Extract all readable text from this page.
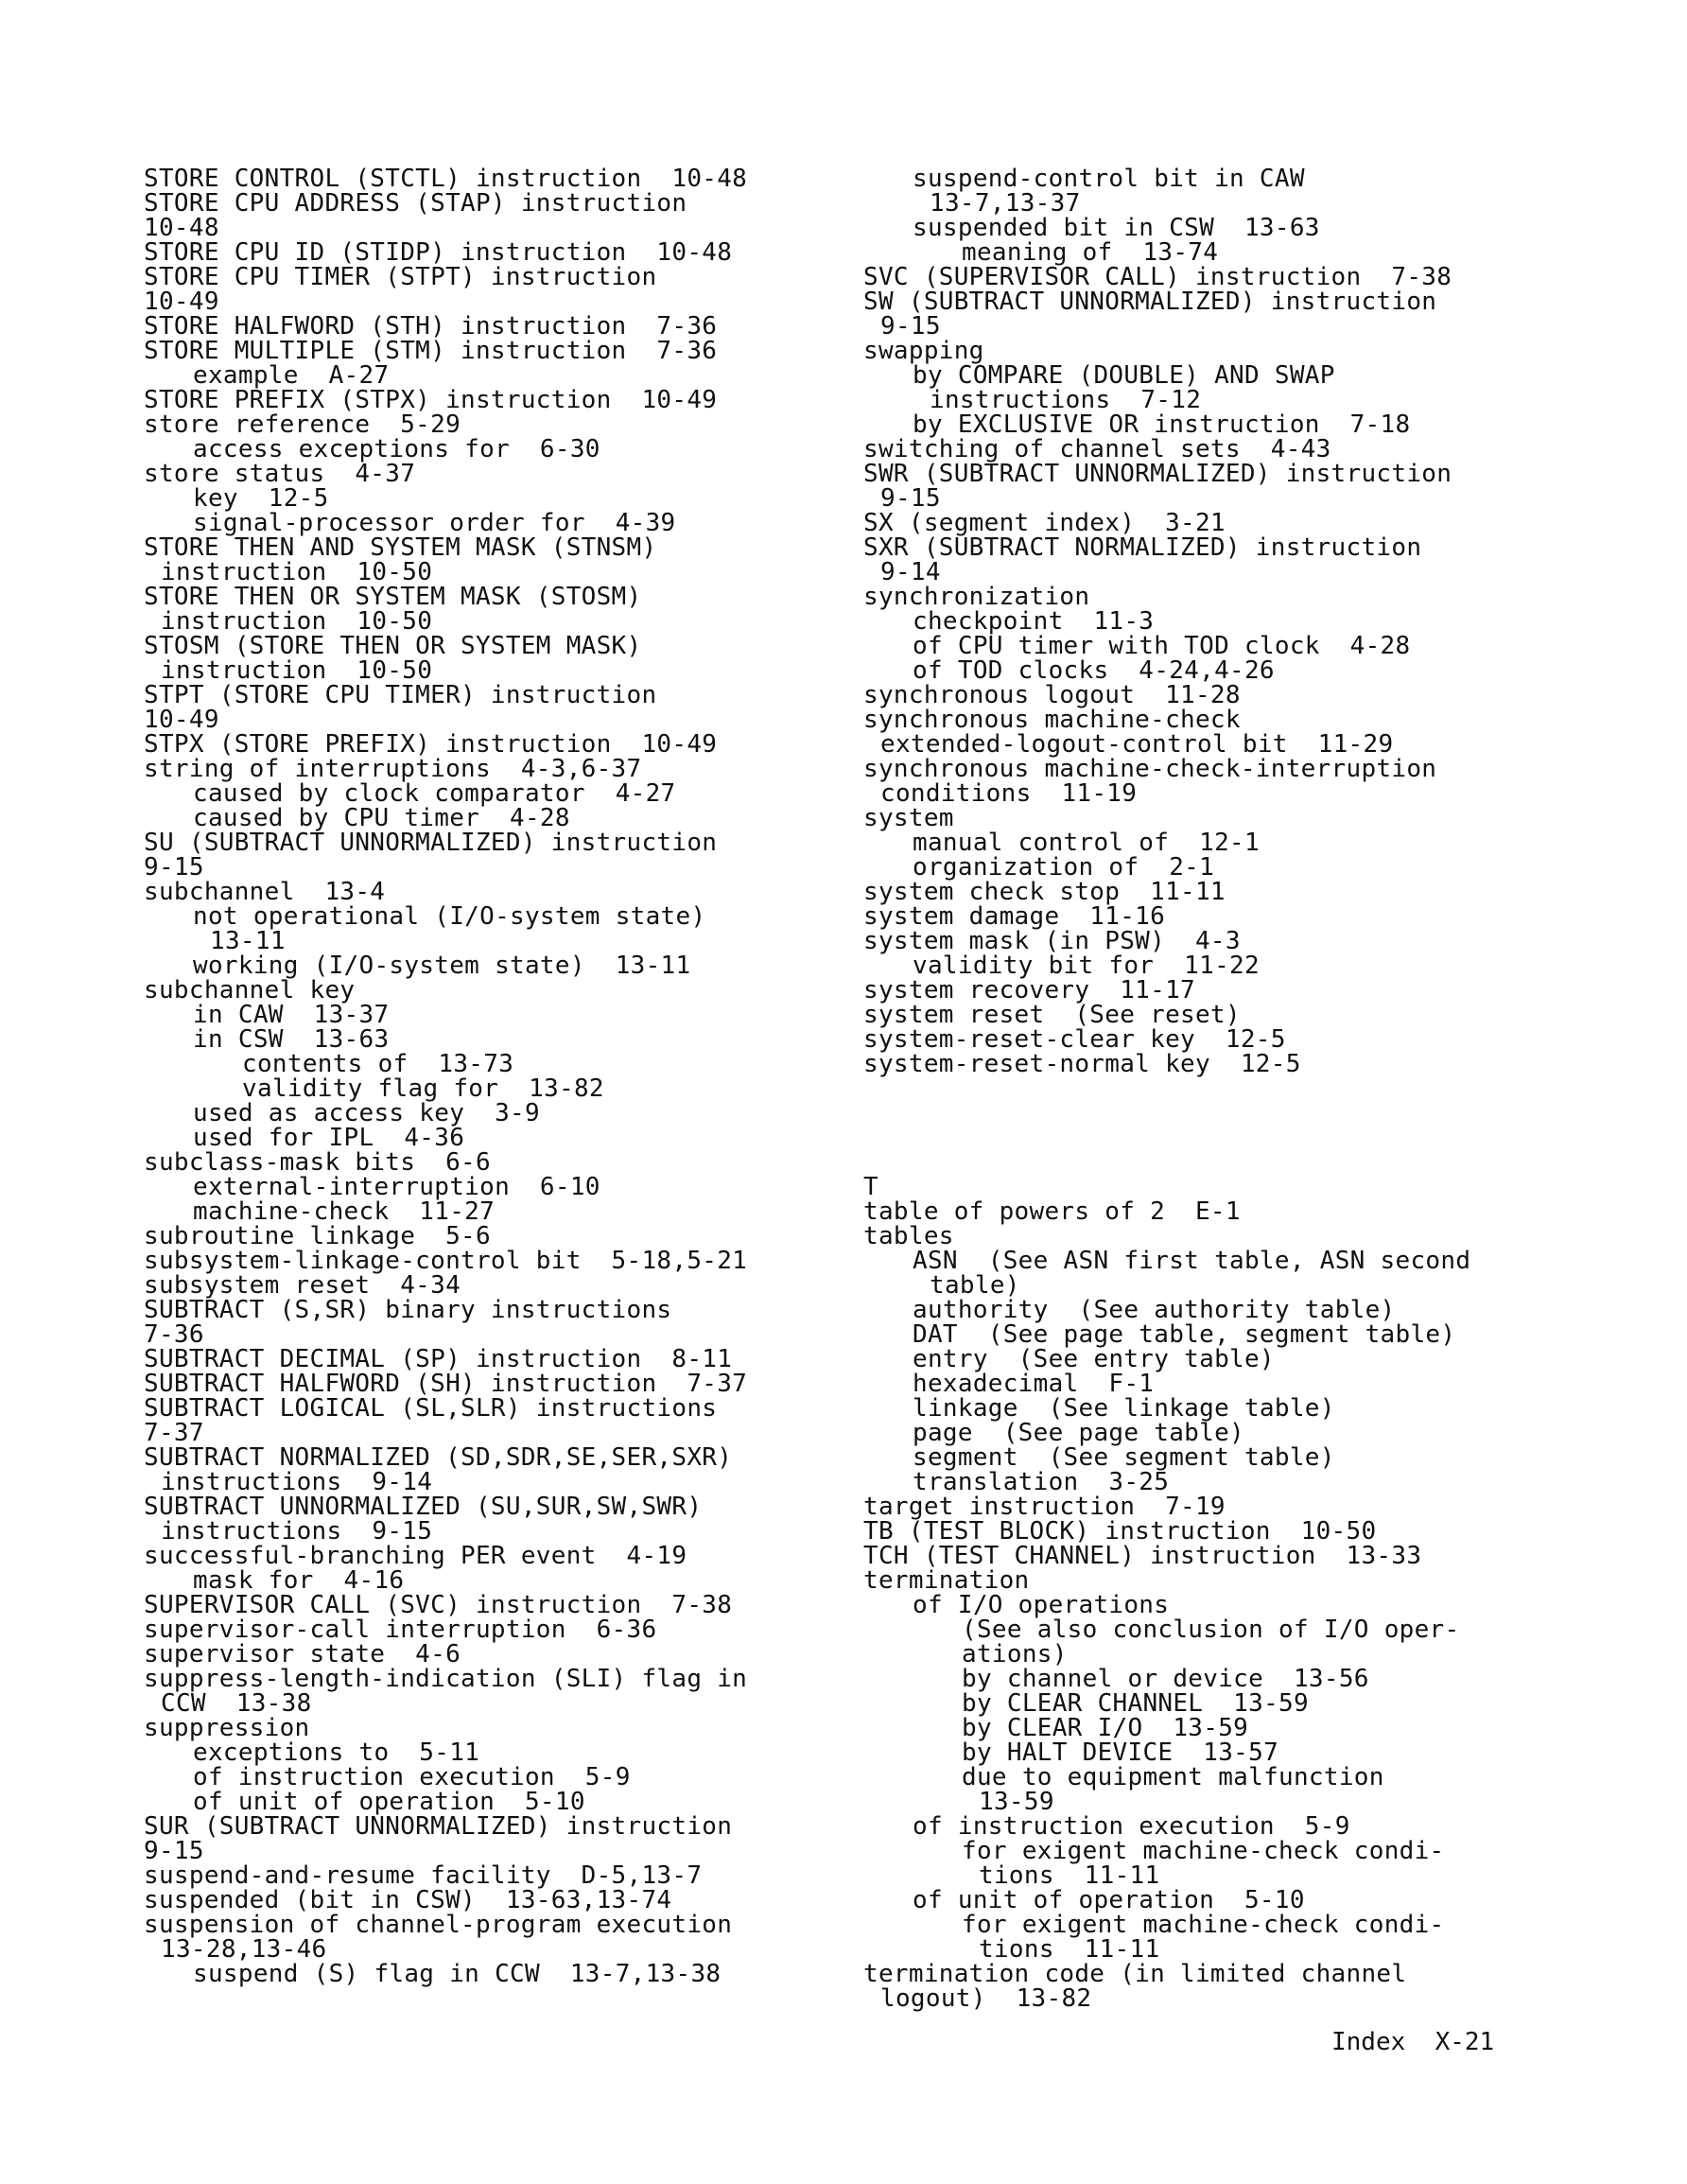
STORE CONTROL (STCTL) instruction  10-48
STORE CPU ADDRESS (STAP) instruction
10-48
STORE CPU ID (STIDP) instruction  10-48
STORE CPU TIMER (STPT) instruction
10-49
STORE HALFWORD (STH) instruction  7-36
STORE MULTIPLE (STM) instruction  7-36
example  A-27
STORE PREFIX (STPX) instruction  10-49
store reference  5-29
access exceptions for  6-30
store status  4-37
key  12-5
signal-processor order for  4-39
STORE THEN AND SYSTEM MASK (STNSM)
instruction  10-50
STORE THEN OR SYSTEM MASK (STOSM)
instruction  10-50
STOSM (STORE THEN OR SYSTEM MASK)
instruction  10-50
STPT (STORE CPU TIMER) instruction
10-49
STPX (STORE PREFIX) instruction  10-49
string of interruptions  4-3,6-37
caused by clock comparator  4-27
caused by CPU timer  4-28
SU (SUBTRACT UNNORMALIZED) instruction
9-15
subchannel  13-4
not operational (I/O-system state)
13-11
working (I/O-system state)  13-11
subchannel key
in CAW  13-37
in CSW  13-63
contents of  13-73
validity flag for  13-82
used as access key  3-9
used for IPL  4-36
subclass-mask bits  6-6
external-interruption  6-10
machine-check  11-27
subroutine linkage  5-6
subsystem-linkage-control bit  5-18,5-21
subsystem reset  4-34
SUBTRACT (S,SR) binary instructions
7-36
SUBTRACT DECIMAL (SP) instruction  8-11
SUBTRACT HALFWORD (SH) instruction  7-37
SUBTRACT LOGICAL (SL,SLR) instructions
7-37
SUBTRACT NORMALIZED (SD,SDR,SE,SER,SXR)
instructions  9-14
SUBTRACT UNNORMALIZED (SU,SUR,SW,SWR)
instructions  9-15
successful-branching PER event  4-19
mask for  4-16
SUPERVISOR CALL (SVC) instruction  7-38
supervisor-call interruption  6-36
supervisor state  4-6
suppress-length-indication (SLI) flag in
CCW  13-38
suppression
exceptions to  5-11
of instruction execution  5-9
of unit of operation  5-10
SUR (SUBTRACT UNNORMALIZED) instruction
9-15
suspend-and-resume facility  D-5,13-7
suspended (bit in CSW)  13-63,13-74
suspension of channel-program execution
13-28,13-46
suspend (S) flag in CCW  13-7,13-38
suspend-control bit in CAW
13-7,13-37
suspended bit in CSW  13-63
meaning of  13-74
SVC (SUPERVISOR CALL) instruction  7-38
SW (SUBTRACT UNNORMALIZED) instruction
9-15
swapping
by COMPARE (DOUBLE) AND SWAP
instructions  7-12
by EXCLUSIVE OR instruction  7-18
switching of channel sets  4-43
SWR (SUBTRACT UNNORMALIZED) instruction
9-15
SX (segment index)  3-21
SXR (SUBTRACT NORMALIZED) instruction
9-14
synchronization
checkpoint  11-3
of CPU timer with TOD clock  4-28
of TOD clocks  4-24,4-26
synchronous logout  11-28
synchronous machine-check
extended-logout-control bit  11-29
synchronous machine-check-interruption
conditions  11-19
system
manual control of  12-1
organization of  2-1
system check stop  11-11
system damage  11-16
system mask (in PSW)  4-3
validity bit for  11-22
system recovery  11-17
system reset  (See reset)
system-reset-clear key  12-5
system-reset-normal key  12-5
T
table of powers of 2  E-1
tables
ASN  (See ASN first table, ASN second
table)
authority  (See authority table)
DAT  (See page table, segment table)
entry  (See entry table)
hexadecimal  F-1
linkage  (See linkage table)
page  (See page table)
segment  (See segment table)
translation  3-25
target instruction  7-19
TB (TEST BLOCK) instruction  10-50
TCH (TEST CHANNEL) instruction  13-33
termination
of I/O operations
(See also conclusion of I/O oper-
ations)
by channel or device  13-56
by CLEAR CHANNEL  13-59
by CLEAR I/O  13-59
by HALT DEVICE  13-57
due to equipment malfunction
13-59
of instruction execution  5-9
for exigent machine-check condi-
tions  11-11
of unit of operation  5-10
for exigent machine-check condi-
tions  11-11
termination code (in limited channel
logout)  13-82
Index  X-21
